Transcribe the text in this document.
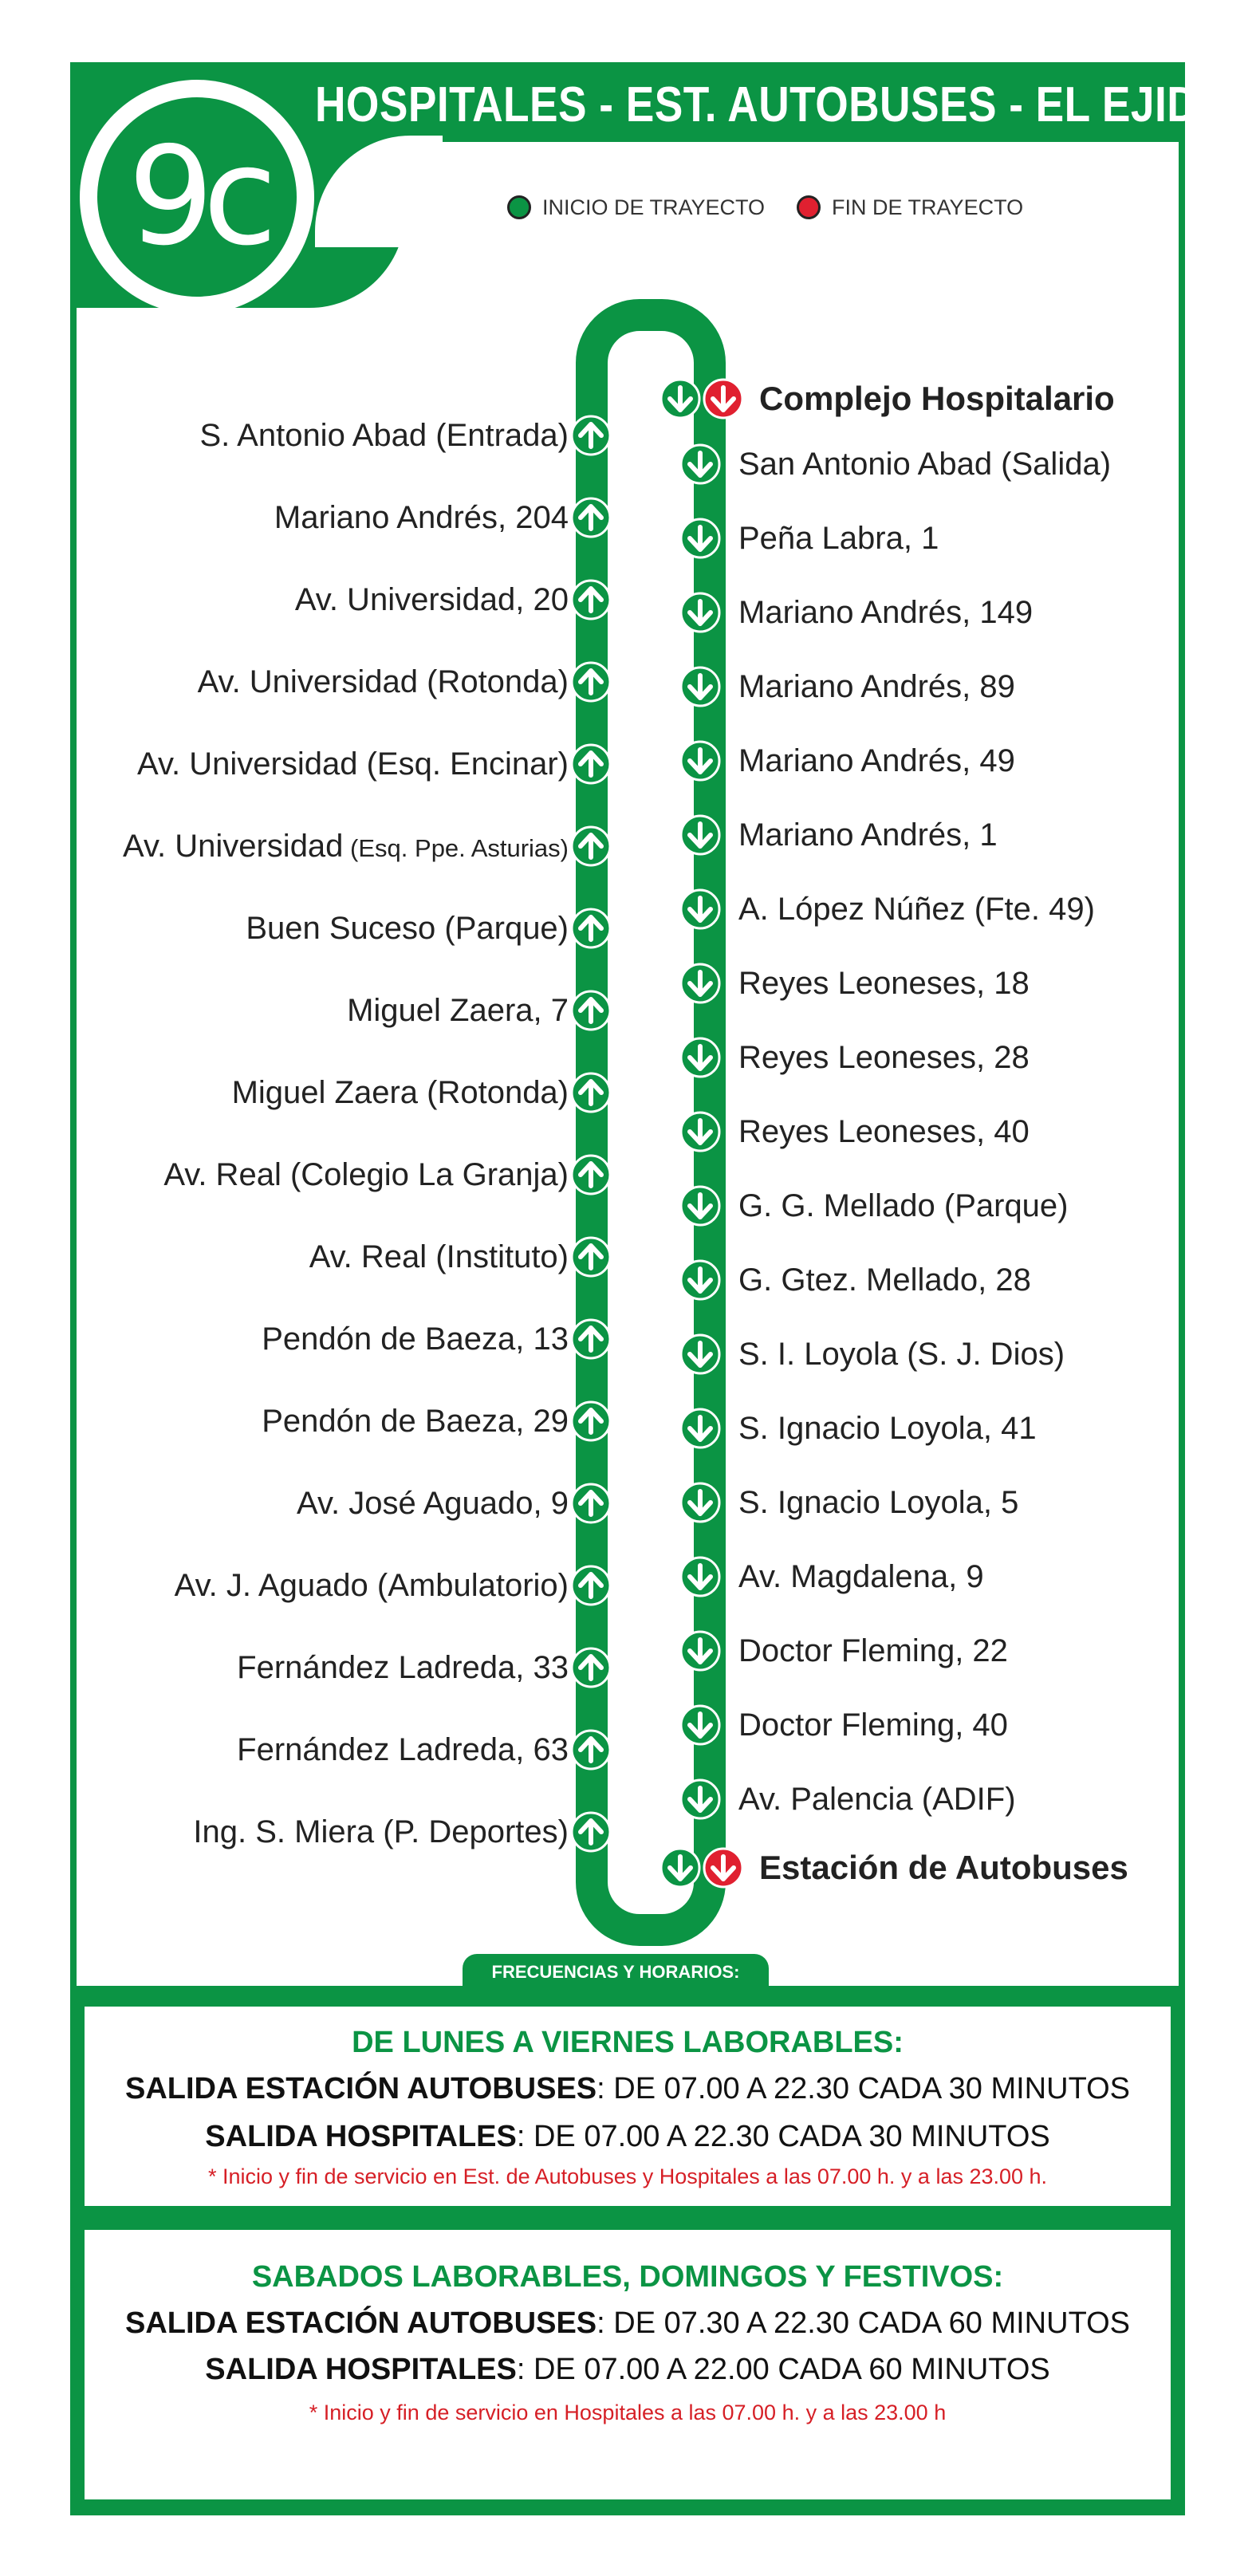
HOSPITALES - EST. AUTOBUSES - EL EJIDO
9c	INICIO DE TRAYECTO	FIN DE TRAYECTO
San Antonio Abad (Salida)
Peña Labra, 1
Mariano Andrés, 149
Mariano Andrés, 89
Mariano Andrés, 49
Mariano Andrés, 1
A. López Núñez (Fte. 49)
Reyes Leoneses, 18
Reyes Leoneses, 28
Reyes Leoneses, 40
G. G. Mellado (Parque)
G. Gtez. Mellado, 28
S. I. Loyola (S. J. Dios)
S. Ignacio Loyola, 41
S. Ignacio Loyola, 5
Av. Magdalena, 9
Doctor Fleming, 22
Doctor Fleming, 40
Av. Palencia (ADIF)
S. Antonio Abad (Entrada)
Mariano Andrés, 204
Av. Universidad, 20
Av. Universidad (Rotonda)
Av. Universidad (Esq. Encinar)
Av. Universidad (Esq. Ppe. Asturias)
Buen Suceso (Parque)
Miguel Zaera, 7
Miguel Zaera (Rotonda)
Av. Real (Colegio La Granja)
Av. Real (Instituto)
Pendón de Baeza, 13
Pendón de Baeza, 29
Av. José Aguado, 9
Av. J. Aguado (Ambulatorio)
Fernández Ladreda, 33
Fernández Ladreda, 63
Ing. S. Miera (P. Deportes)
Complejo Hospitalario
Estación de Autobuses
FRECUENCIAS Y HORARIOS:
DE LUNES A VIERNES LABORABLES:
SALIDA ESTACIÓN AUTOBUSES: DE 07.00 A 22.30 CADA 30 MINUTOS
SALIDA HOSPITALES: DE 07.00 A 22.30 CADA 30 MINUTOS
* Inicio y fin de servicio en Est. de Autobuses y Hospitales a las 07.00 h. y a las 23.00 h.
SABADOS LABORABLES, DOMINGOS Y FESTIVOS:
SALIDA ESTACIÓN AUTOBUSES: DE 07.30 A 22.30 CADA 60 MINUTOS
SALIDA HOSPITALES: DE 07.00 A 22.00 CADA 60 MINUTOS
* Inicio y fin de servicio en Hospitales a las 07.00 h. y a las 23.00 h
